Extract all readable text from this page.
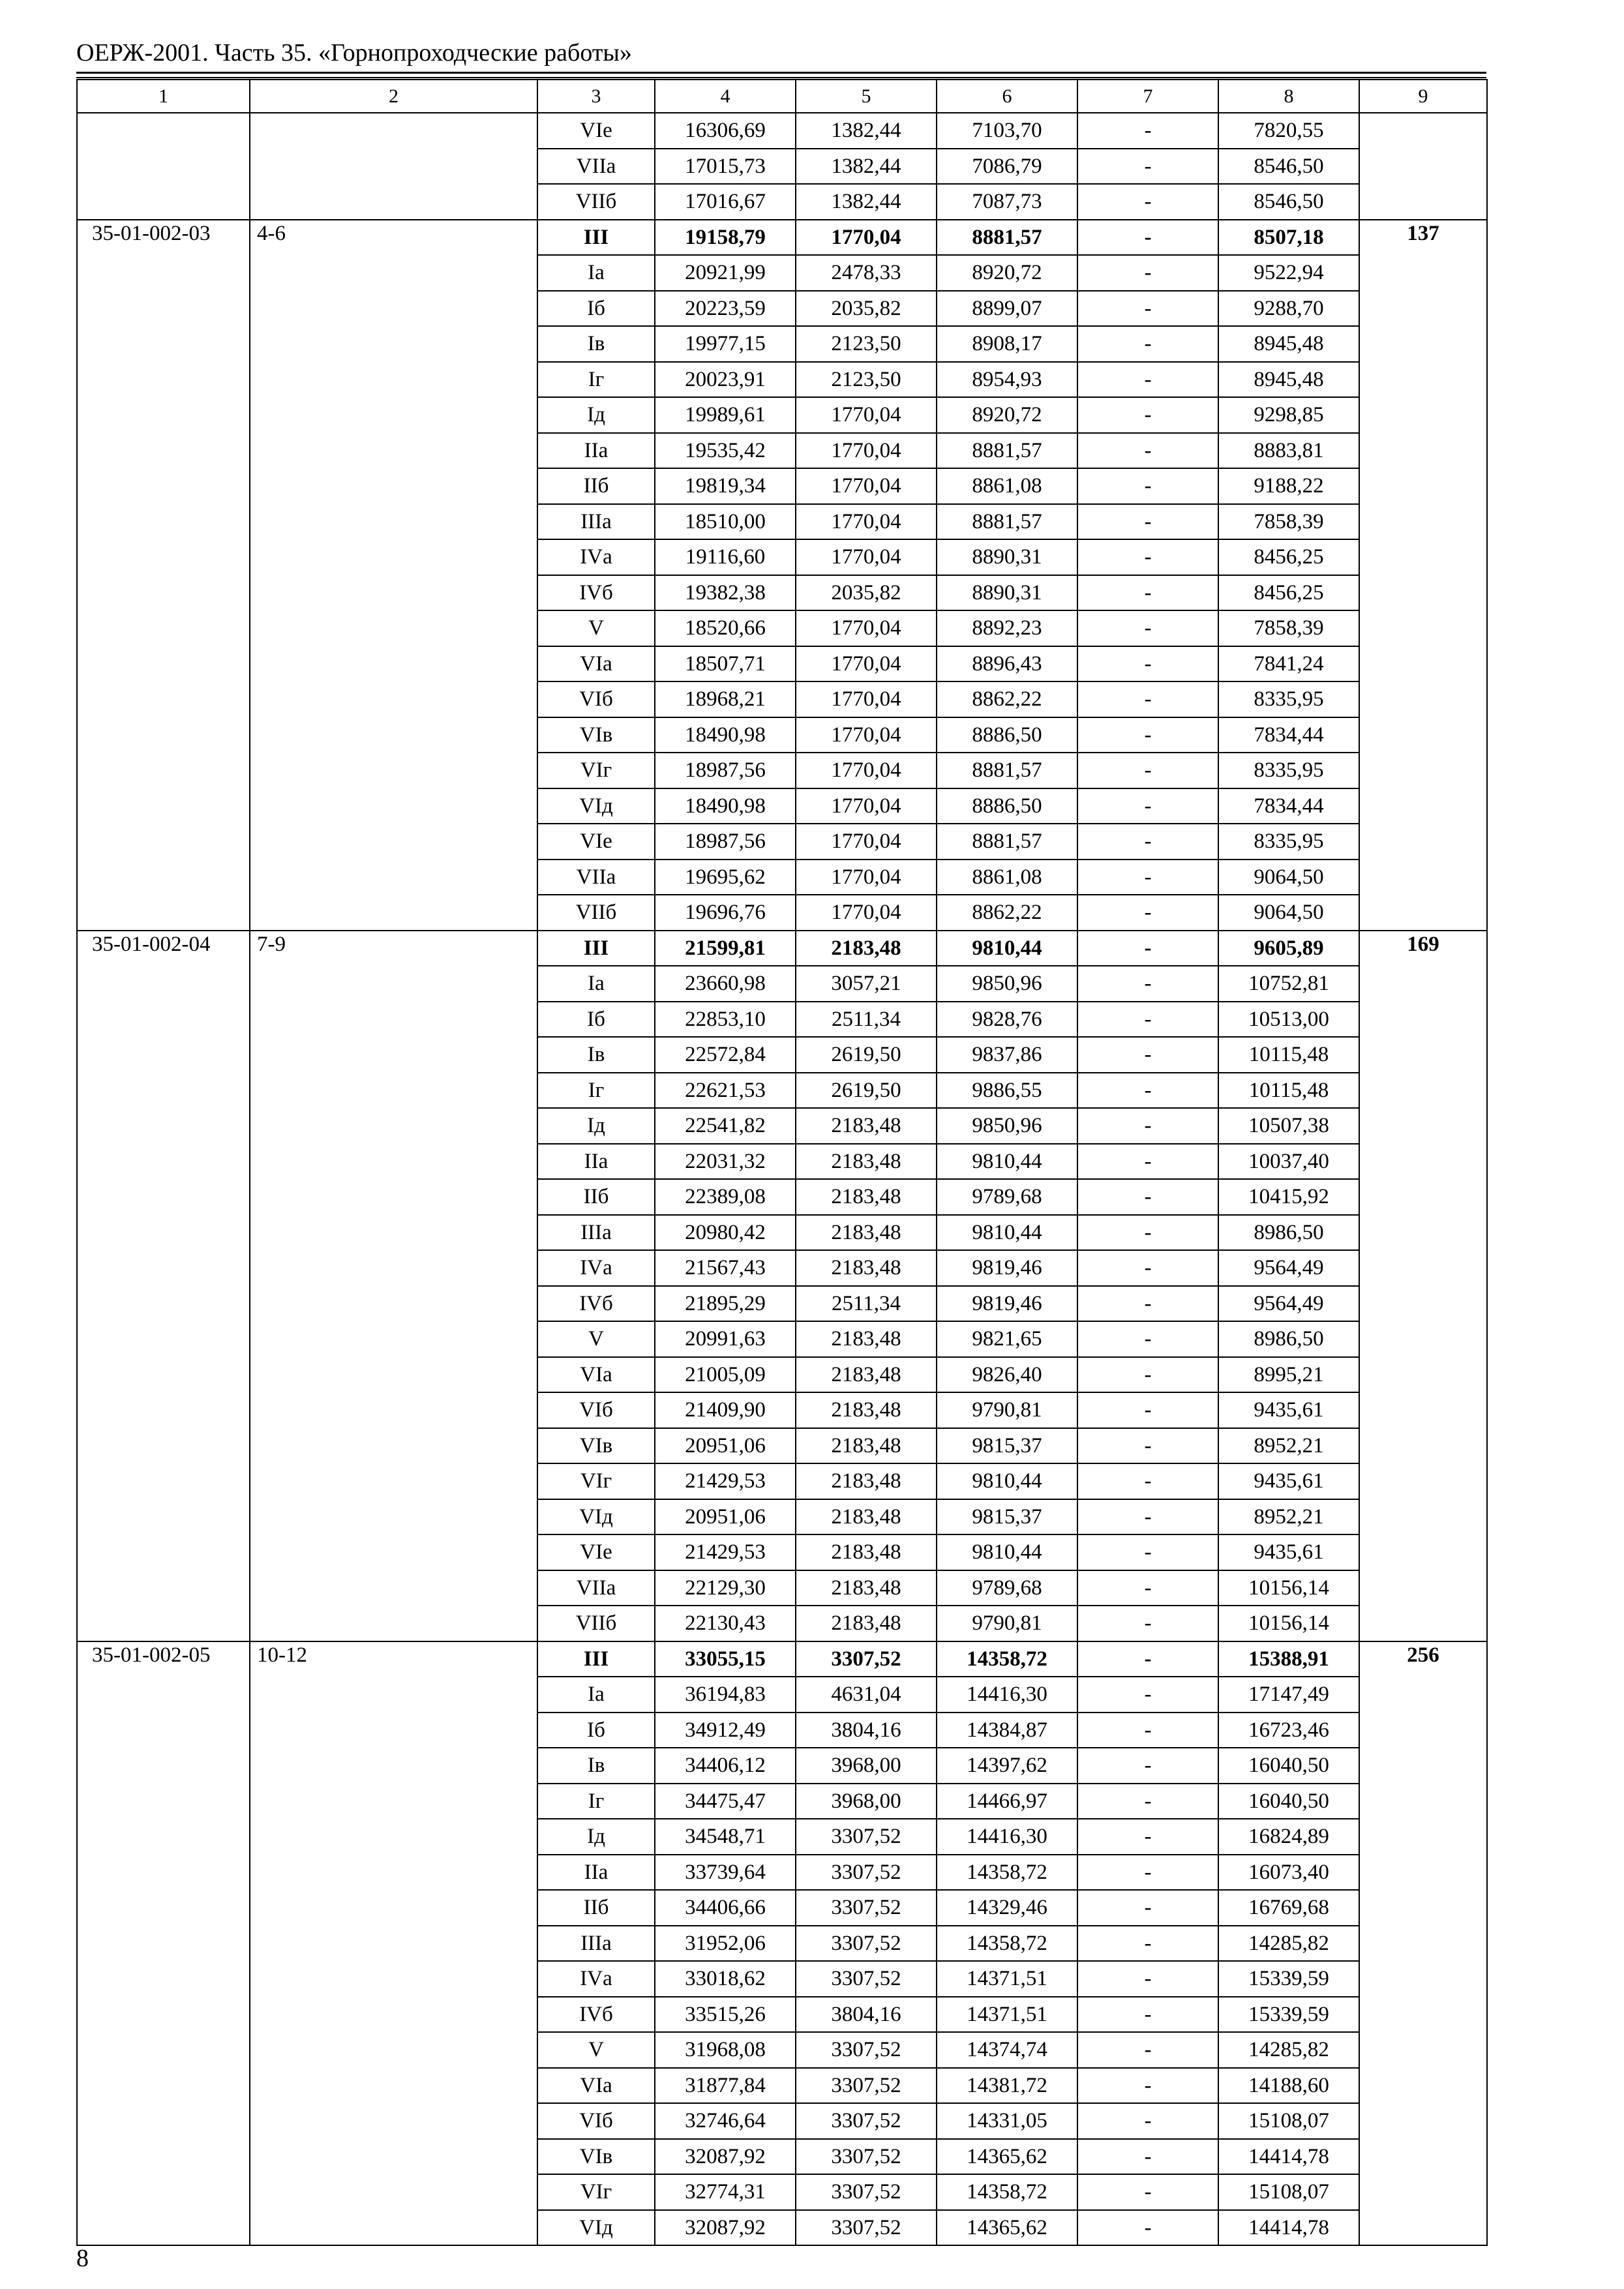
ОЕРЖ-2001. Часть 35. «Горнопроходческие работы»
1	2	3	4	5	6	7	8	9
		VIе	16306,69	1382,44	7103,70	-	7820,55	
		VIIа	17015,73	1382,44	7086,79	-	8546,50	
		VIIб	17016,67	1382,44	7087,73	-	8546,50	
35-01-002-03	4-6	III	19158,79	1770,04	8881,57	-	8507,18	137
		Iа	20921,99	2478,33	8920,72	-	9522,94	
		Iб	20223,59	2035,82	8899,07	-	9288,70	
		Iв	19977,15	2123,50	8908,17	-	8945,48	
		Iг	20023,91	2123,50	8954,93	-	8945,48	
		Iд	19989,61	1770,04	8920,72	-	9298,85	
		IIа	19535,42	1770,04	8881,57	-	8883,81	
		IIб	19819,34	1770,04	8861,08	-	9188,22	
		IIIа	18510,00	1770,04	8881,57	-	7858,39	
		IVа	19116,60	1770,04	8890,31	-	8456,25	
		IVб	19382,38	2035,82	8890,31	-	8456,25	
		V	18520,66	1770,04	8892,23	-	7858,39	
		VIа	18507,71	1770,04	8896,43	-	7841,24	
		VIб	18968,21	1770,04	8862,22	-	8335,95	
		VIв	18490,98	1770,04	8886,50	-	7834,44	
		VIг	18987,56	1770,04	8881,57	-	8335,95	
		VIд	18490,98	1770,04	8886,50	-	7834,44	
		VIе	18987,56	1770,04	8881,57	-	8335,95	
		VIIа	19695,62	1770,04	8861,08	-	9064,50	
		VIIб	19696,76	1770,04	8862,22	-	9064,50	
35-01-002-04	7-9	III	21599,81	2183,48	9810,44	-	9605,89	169
		Iа	23660,98	3057,21	9850,96	-	10752,81	
		Iб	22853,10	2511,34	9828,76	-	10513,00	
		Iв	22572,84	2619,50	9837,86	-	10115,48	
		Iг	22621,53	2619,50	9886,55	-	10115,48	
		Iд	22541,82	2183,48	9850,96	-	10507,38	
		IIа	22031,32	2183,48	9810,44	-	10037,40	
		IIб	22389,08	2183,48	9789,68	-	10415,92	
		IIIа	20980,42	2183,48	9810,44	-	8986,50	
		IVа	21567,43	2183,48	9819,46	-	9564,49	
		IVб	21895,29	2511,34	9819,46	-	9564,49	
		V	20991,63	2183,48	9821,65	-	8986,50	
		VIа	21005,09	2183,48	9826,40	-	8995,21	
		VIб	21409,90	2183,48	9790,81	-	9435,61	
		VIв	20951,06	2183,48	9815,37	-	8952,21	
		VIг	21429,53	2183,48	9810,44	-	9435,61	
		VIд	20951,06	2183,48	9815,37	-	8952,21	
		VIе	21429,53	2183,48	9810,44	-	9435,61	
		VIIа	22129,30	2183,48	9789,68	-	10156,14	
		VIIб	22130,43	2183,48	9790,81	-	10156,14	
35-01-002-05	10-12	III	33055,15	3307,52	14358,72	-	15388,91	256
		Iа	36194,83	4631,04	14416,30	-	17147,49	
		Iб	34912,49	3804,16	14384,87	-	16723,46	
		Iв	34406,12	3968,00	14397,62	-	16040,50	
		Iг	34475,47	3968,00	14466,97	-	16040,50	
		Iд	34548,71	3307,52	14416,30	-	16824,89	
		IIа	33739,64	3307,52	14358,72	-	16073,40	
		IIб	34406,66	3307,52	14329,46	-	16769,68	
		IIIа	31952,06	3307,52	14358,72	-	14285,82	
		IVа	33018,62	3307,52	14371,51	-	15339,59	
		IVб	33515,26	3804,16	14371,51	-	15339,59	
		V	31968,08	3307,52	14374,74	-	14285,82	
		VIа	31877,84	3307,52	14381,72	-	14188,60	
		VIб	32746,64	3307,52	14331,05	-	15108,07	
		VIв	32087,92	3307,52	14365,62	-	14414,78	
		VIг	32774,31	3307,52	14358,72	-	15108,07	
		VIд	32087,92	3307,52	14365,62	-	14414,78	
8
